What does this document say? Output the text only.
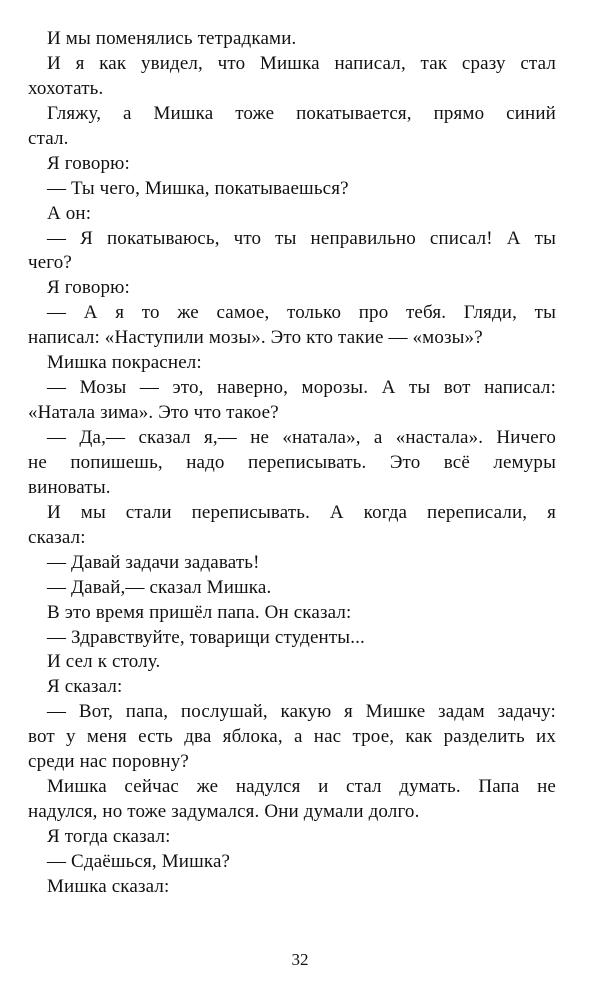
И мы поменялись тетрадками.
И я как увидел, что Мишка написал, так сразу стал
хохотать.
Гляжу, а Мишка тоже покатывается, прямо синий
стал.
Я говорю:
— Ты чего, Мишка, покатываешься?
А он:
— Я покатываюсь, что ты неправильно списал! А ты
чего?
Я говорю:
— А я то же самое, только про тебя. Гляди, ты
написал: «Наступили мозы». Это кто такие — «мозы»?
Мишка покраснел:
— Мозы — это, наверно, морозы. А ты вот написал:
«Натала зима». Это что такое?
— Да,— сказал я,— не «натала», а «настала». Ничего
не попишешь, надо переписывать. Это всё лемуры
виноваты.
И мы стали переписывать. А когда переписали, я
сказал:
— Давай задачи задавать!
— Давай,— сказал Мишка.
В это время пришёл папа. Он сказал:
— Здравствуйте, товарищи студенты...
И сел к столу.
Я сказал:
— Вот, папа, послушай, какую я Мишке задам задачу:
вот у меня есть два яблока, а нас трое, как разделить их
среди нас поровну?
Мишка сейчас же надулся и стал думать. Папа не
надулся, но тоже задумался. Они думали долго.
Я тогда сказал:
— Сдаёшься, Мишка?
Мишка сказал:
32
